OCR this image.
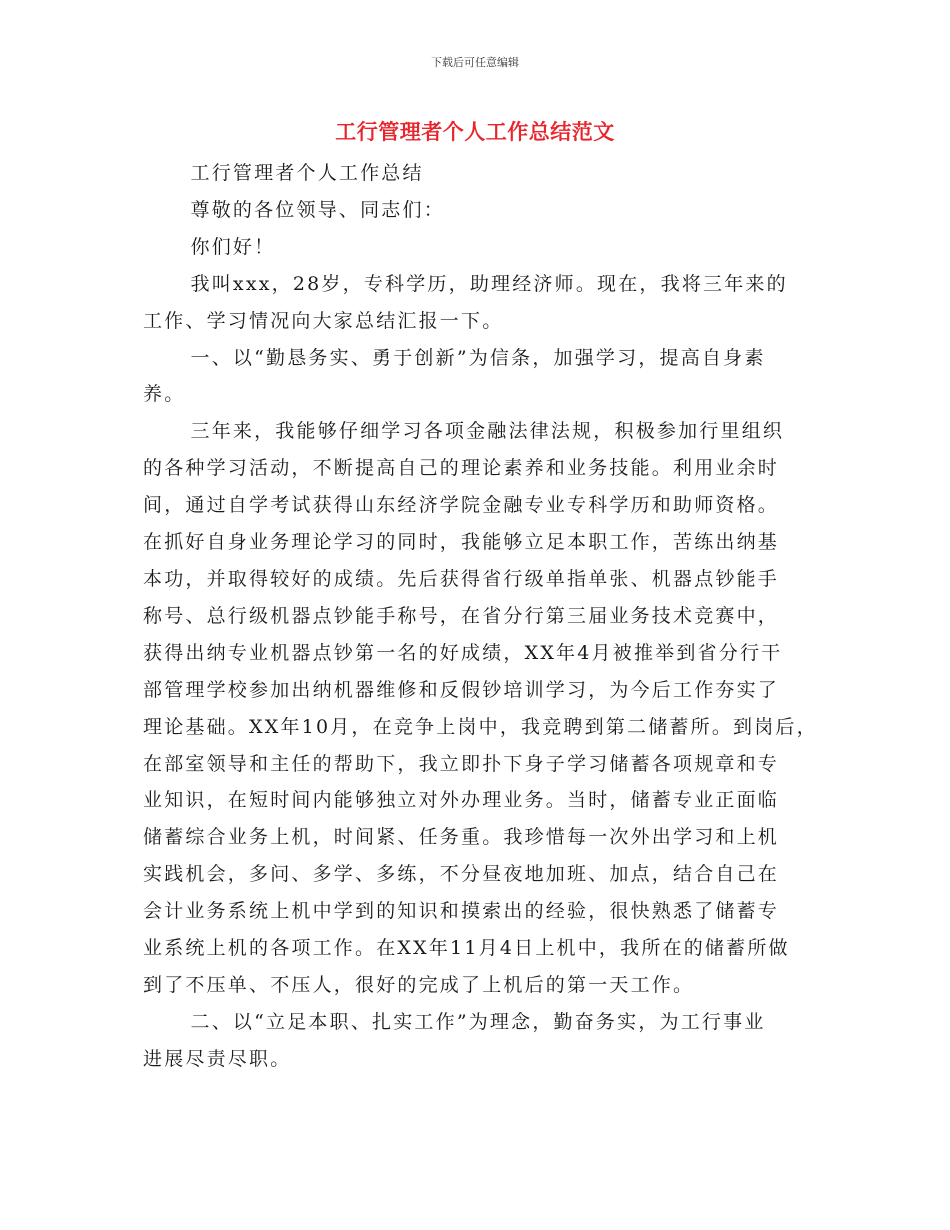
下载后可任意编辑
工行管理者个人工作总结范文

工行管理者个人工作总结

尊敬的各位领导、同志们：

你们好！

我叫xxx，28岁，专科学历，助理经济师。现在，我将三年来的
工作、学习情况向大家总结汇报一下。

一、以“勤恳务实、勇于创新”为信条，加强学习，提高自身素
养。

三年来，我能够仔细学习各项金融法律法规，积极参加行里组织
的各种学习活动，不断提高自己的理论素养和业务技能。利用业余时
间，通过自学考试获得山东经济学院金融专业专科学历和助师资格。
在抓好自身业务理论学习的同时，我能够立足本职工作，苦练出纳基
本功，并取得较好的成绩。先后获得省行级单指单张、机器点钞能手
称号、总行级机器点钞能手称号，在省分行第三届业务技术竞赛中，
获得出纳专业机器点钞第一名的好成绩，XX年4月被推举到省分行干
部管理学校参加出纳机器维修和反假钞培训学习，为今后工作夯实了
理论基础。XX年10月，在竞争上岗中，我竞聘到第二储蓄所。到岗后，
在部室领导和主任的帮助下，我立即扑下身子学习储蓄各项规章和专
业知识，在短时间内能够独立对外办理业务。当时，储蓄专业正面临
储蓄综合业务上机，时间紧、任务重。我珍惜每一次外出学习和上机
实践机会，多问、多学、多练，不分昼夜地加班、加点，结合自己在
会计业务系统上机中学到的知识和摸索出的经验，很快熟悉了储蓄专
业系统上机的各项工作。在XX年11月4日上机中，我所在的储蓄所做
到了不压单、不压人，很好的完成了上机后的第一天工作。

二、以“立足本职、扎实工作”为理念，勤奋务实，为工行事业
进展尽责尽职。
